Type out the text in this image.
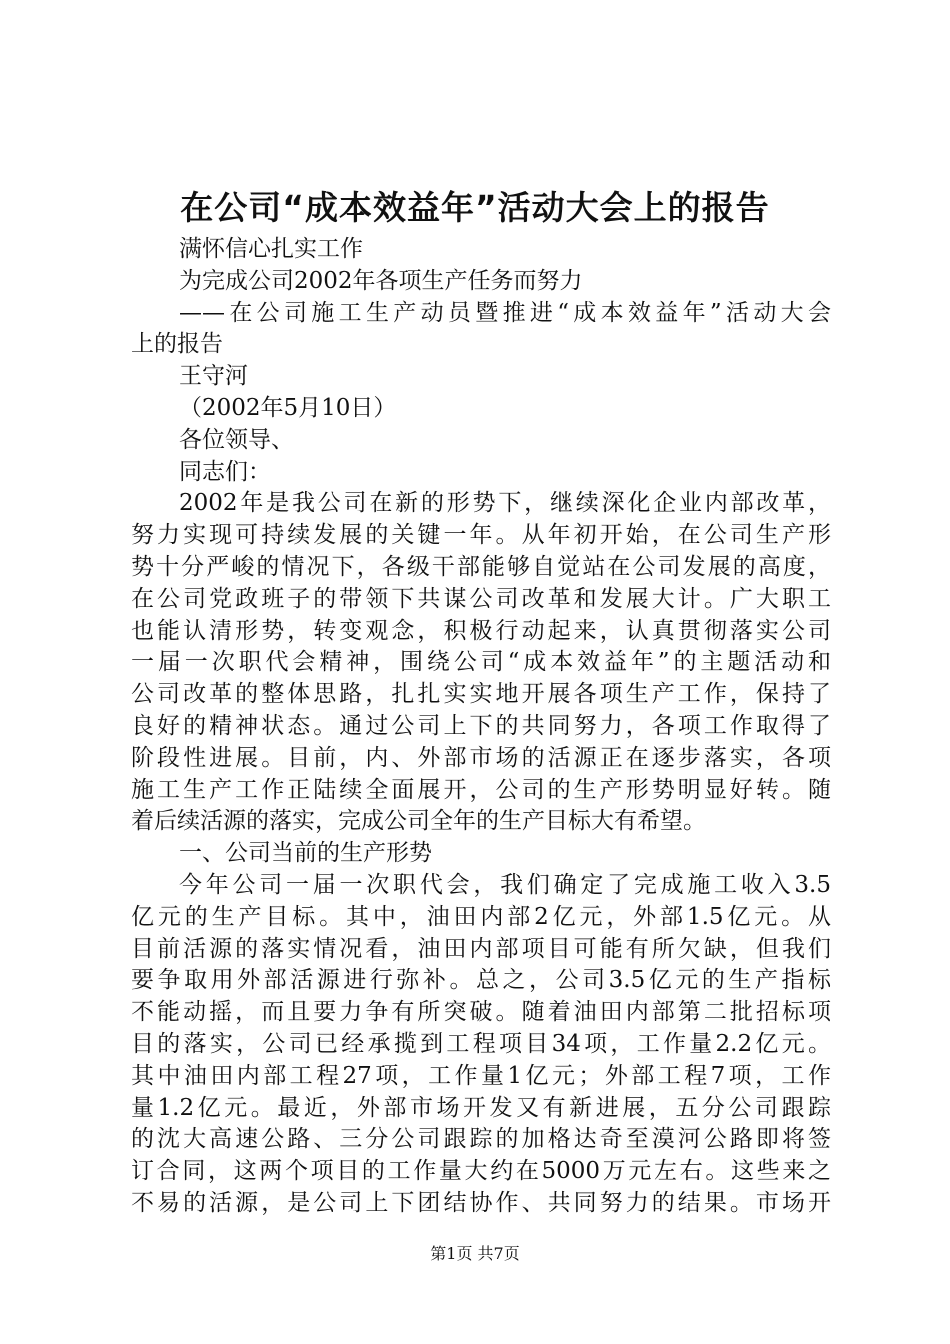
在公司“成本效益年”活动大会上的报告
满怀信心扎实工作
为完成公司2002年各项生产任务而努力
——在公司施工生产动员暨推进“成本效益年”活动大会
上的报告
王守河
（2002年5月10日）
各位领导、
同志们：
2002年是我公司在新的形势下，继续深化企业内部改革，
努力实现可持续发展的关键一年。从年初开始，在公司生产形
势十分严峻的情况下，各级干部能够自觉站在公司发展的高度，
在公司党政班子的带领下共谋公司改革和发展大计。广大职工
也能认清形势，转变观念，积极行动起来，认真贯彻落实公司
一届一次职代会精神，围绕公司“成本效益年”的主题活动和
公司改革的整体思路，扎扎实实地开展各项生产工作，保持了
良好的精神状态。通过公司上下的共同努力，各项工作取得了
阶段性进展。目前，内、外部市场的活源正在逐步落实，各项
施工生产工作正陆续全面展开，公司的生产形势明显好转。随
着后续活源的落实，完成公司全年的生产目标大有希望。
一、公司当前的生产形势
今年公司一届一次职代会，我们确定了完成施工收入3.5
亿元的生产目标。其中，油田内部2亿元，外部1.5亿元。从
目前活源的落实情况看，油田内部项目可能有所欠缺，但我们
要争取用外部活源进行弥补。总之，公司3.5亿元的生产指标
不能动摇，而且要力争有所突破。随着油田内部第二批招标项
目的落实，公司已经承揽到工程项目34项，工作量2.2亿元。
其中油田内部工程27项，工作量1亿元；外部工程7项，工作
量1.2亿元。最近，外部市场开发又有新进展，五分公司跟踪
的沈大高速公路、三分公司跟踪的加格达奇至漠河公路即将签
订合同，这两个项目的工作量大约在5000万元左右。这些来之
不易的活源，是公司上下团结协作、共同努力的结果。市场开
第1页 共7页
